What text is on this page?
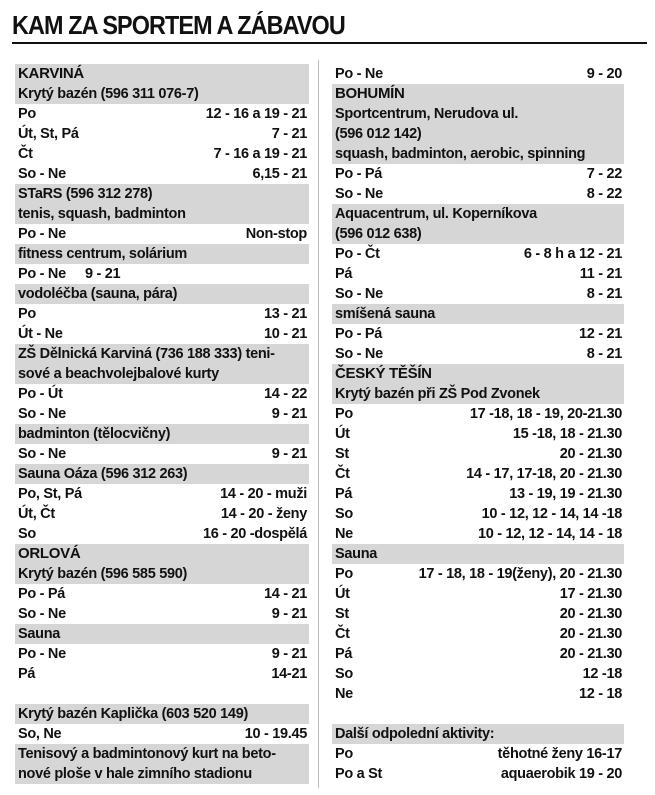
KAM ZA SPORTEM A ZÁBAVOU
KARVINÁ
Krytý bazén (596 311 076-7)
Po	12 - 16 a 19 - 21
Út, St, Pá	7 - 21
Čt	7 - 16 a 19 - 21
So - Ne	6,15 - 21
STaRS (596 312 278)
tenis, squash, badminton
Po - Ne	Non-stop
fitness centrum, solárium
Po - Ne 9 - 21
vodoléčba (sauna, pára)
Po	13 - 21
Út - Ne	10 - 21
ZŠ Dělnická Karviná (736 188 333) teni-
sové a beachvolejbalové kurty
Po - Út	14 - 22
So - Ne	9 - 21
badminton (tělocvičny)
So - Ne	9 - 21
Sauna Oáza (596 312 263)
Po, St, Pá	14 - 20 - muži
Út, Čt	14 - 20 - ženy
So	16 - 20 -dospělá
ORLOVÁ
Krytý bazén (596 585 590)
Po - Pá	14 - 21
So - Ne	9 - 21
Sauna
Po - Ne	9 - 21
Pá	14-21
Krytý bazén Kaplička (603 520 149)
So, Ne	10 - 19.45
Tenisový a badmintonový kurt na beto-
nové ploše v hale zimního stadionu
Po - Ne	9 - 20
BOHUMÍN
Sportcentrum, Nerudova ul.
(596 012 142)
squash, badminton, aerobic, spinning
Po - Pá	7 - 22
So - Ne	8 - 22
Aquacentrum, ul. Koperníkova
(596 012 638)
Po - Čt	6 - 8 h a 12 - 21
Pá	11 - 21
So - Ne	8 - 21
smíšená sauna
Po - Pá	12 - 21
So - Ne	8 - 21
ČESKÝ TĚŠÍN
Krytý bazén při ZŠ Pod Zvonek
Po	17 -18, 18 - 19, 20-21.30
Út	15 -18, 18 - 21.30
St	20 - 21.30
Čt	14 - 17, 17-18, 20 - 21.30
Pá	13 - 19, 19 - 21.30
So	10 - 12, 12 - 14, 14 -18
Ne	10 - 12, 12 - 14, 14 - 18
Sauna
Po	17 - 18, 18 - 19(ženy), 20 - 21.30
Út	17 - 21.30
St	20 - 21.30
Čt	20 - 21.30
Pá	20 - 21.30
So	12 -18
Ne	12 - 18
Další odpolední aktivity:
Po	těhotné ženy 16-17
Po a St	aquaerobik 19 - 20
